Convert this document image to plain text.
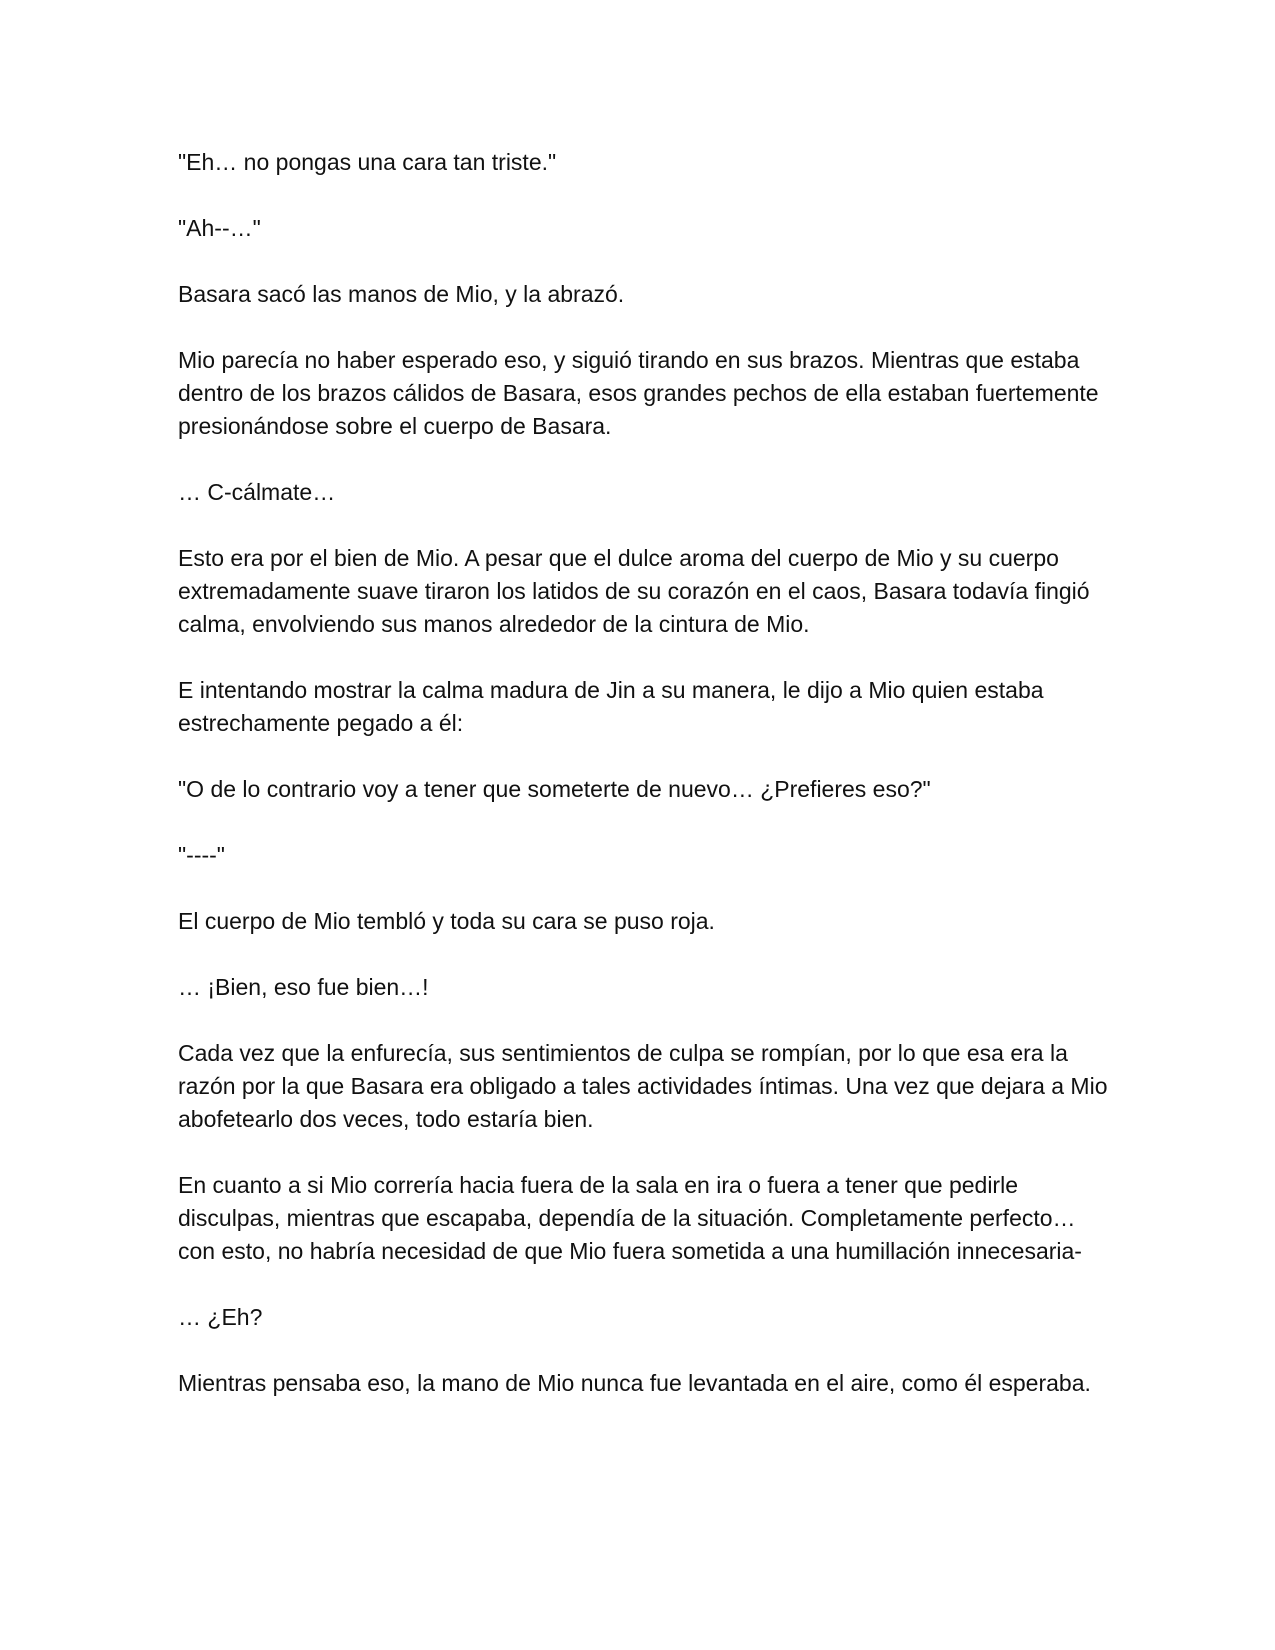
"Eh… no pongas una cara tan triste."

"Ah--…"

Basara sacó las manos de Mio, y la abrazó.

Mio parecía no haber esperado eso, y siguió tirando en sus brazos. Mientras que estaba dentro de los brazos cálidos de Basara, esos grandes pechos de ella estaban fuertemente presionándose sobre el cuerpo de Basara.

… C-cálmate…

Esto era por el bien de Mio. A pesar que el dulce aroma del cuerpo de Mio y su cuerpo extremadamente suave tiraron los latidos de su corazón en el caos, Basara todavía fingió calma, envolviendo sus manos alrededor de la cintura de Mio.

E intentando mostrar la calma madura de Jin a su manera, le dijo a Mio quien estaba estrechamente pegado a él:

"O de lo contrario voy a tener que someterte de nuevo… ¿Prefieres eso?"

"----"

El cuerpo de Mio tembló y toda su cara se puso roja.

… ¡Bien, eso fue bien…!

Cada vez que la enfurecía, sus sentimientos de culpa se rompían, por lo que esa era la razón por la que Basara era obligado a tales actividades íntimas. Una vez que dejara a Mio abofetearlo dos veces, todo estaría bien.

En cuanto a si Mio correría hacia fuera de la sala en ira o fuera a tener que pedirle disculpas, mientras que escapaba, dependía de la situación. Completamente perfecto… con esto, no habría necesidad de que Mio fuera sometida a una humillación innecesaria-

… ¿Eh?

Mientras pensaba eso, la mano de Mio nunca fue levantada en el aire, como él esperaba.
